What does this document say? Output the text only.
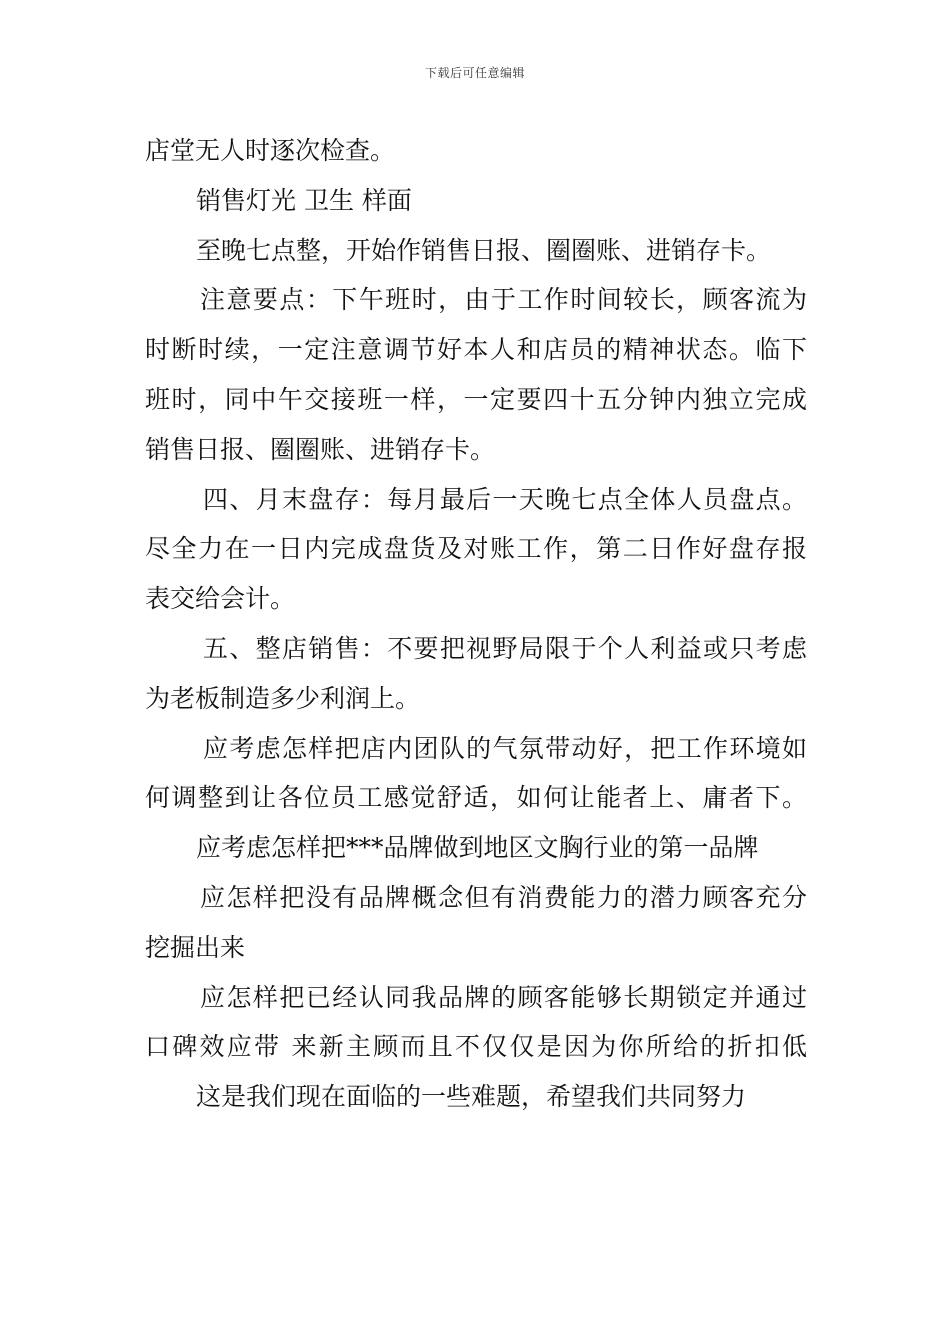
下载后可任意编辑
店堂无人时逐次检查。
销售灯光 卫生 样面
至晚七点整，开始作销售日报、圈圈账、进销存卡。
注意要点：下午班时，由于工作时间较长，顾客流为
时断时续，一定注意调节好本人和店员的精神状态。临下
班时，同中午交接班一样，一定要四十五分钟内独立完成
销售日报、圈圈账、进销存卡。
四、月末盘存：每月最后一天晚七点全体人员盘点。
尽全力在一日内完成盘货及对账工作，第二日作好盘存报
表交给会计。
五、整店销售：不要把视野局限于个人利益或只考虑
为老板制造多少利润上。
应考虑怎样把店内团队的气氛带动好，把工作环境如
何调整到让各位员工感觉舒适，如何让能者上、庸者下。
应考虑怎样把***品牌做到地区文胸行业的第一品牌
应怎样把没有品牌概念但有消费能力的潜力顾客充分
挖掘出来
应怎样把已经认同我品牌的顾客能够长期锁定并通过
口碑效应带 来新主顾而且不仅仅是因为你所给的折扣低
这是我们现在面临的一些难题，希望我们共同努力
